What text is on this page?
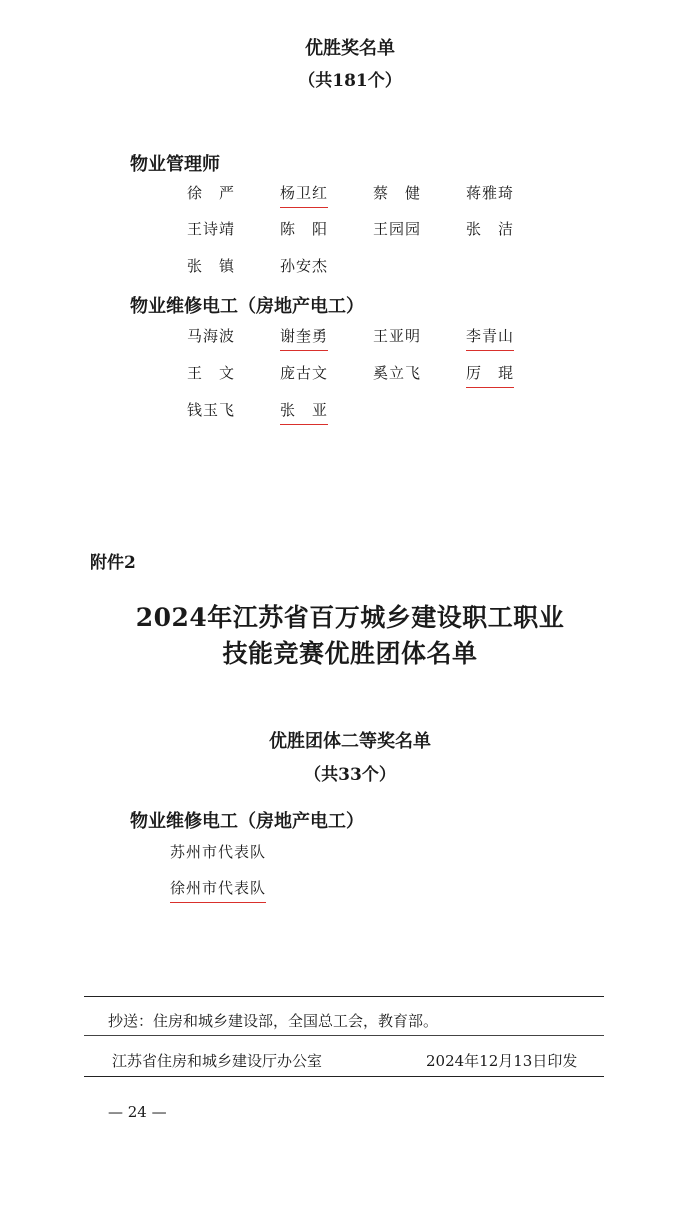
优胜奖名单
（共181个）
物业管理师
徐　严	杨卫红	蔡　健	蒋雅琦
王诗靖	陈　阳	王园园	张　洁
张　镇	孙安杰
物业维修电工（房地产电工）
马海波	谢奎勇	王亚明	李青山
王　文	庞古文	奚立飞	厉　琨
钱玉飞	张　亚
附件2
2024年江苏省百万城乡建设职工职业
技能竞赛优胜团体名单
优胜团体二等奖名单
（共33个）
物业维修电工（房地产电工）
苏州市代表队
徐州市代表队
抄送：住房和城乡建设部，全国总工会，教育部。
江苏省住房和城乡建设厅办公室	2024年12月13日印发
— 24 —
